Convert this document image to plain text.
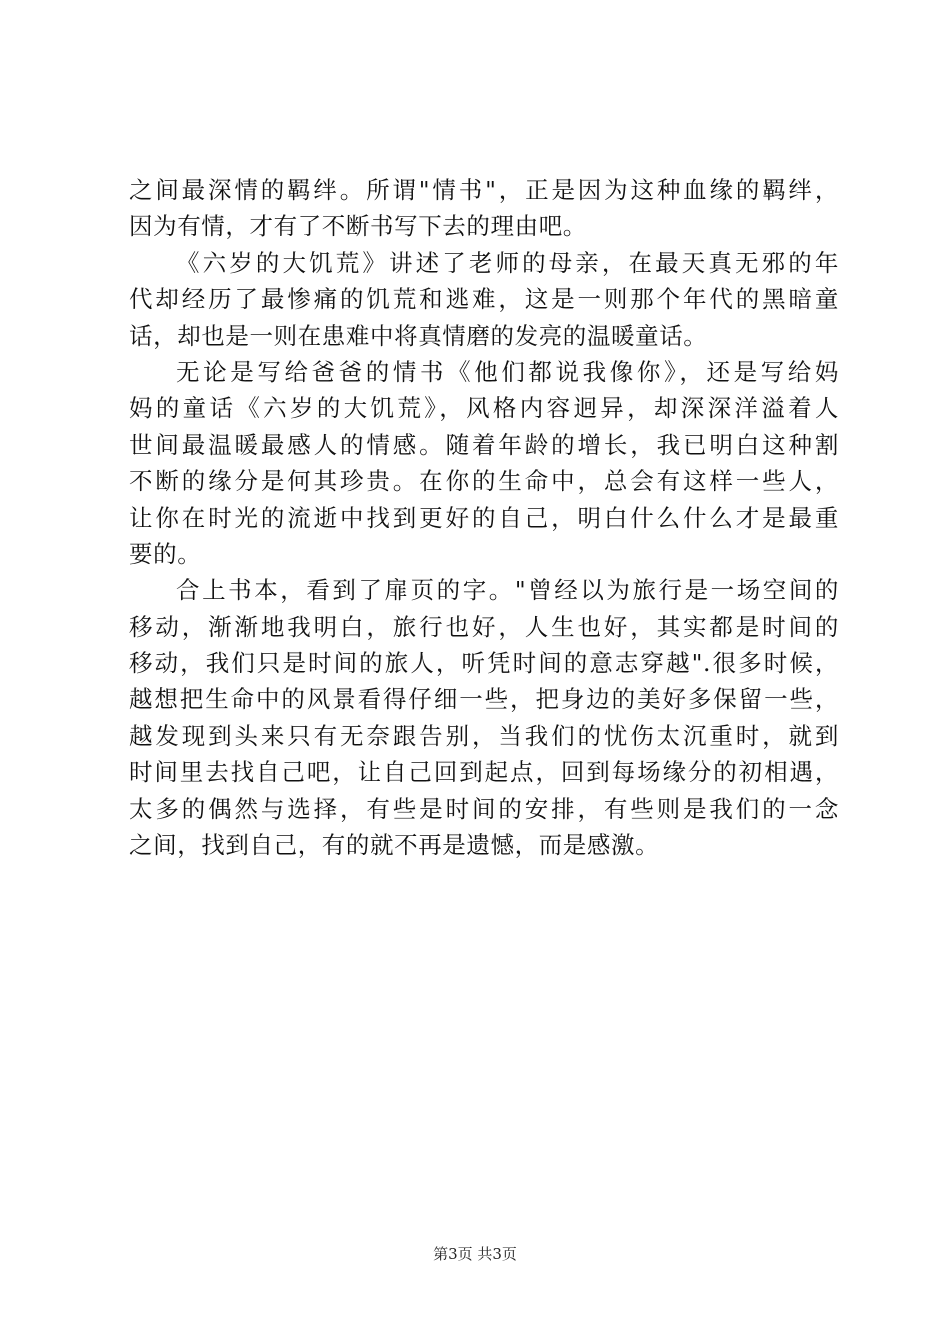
之间最深情的羁绊。所谓"情书"，正是因为这种血缘的羁绊，
因为有情，才有了不断书写下去的理由吧。
《六岁的大饥荒》讲述了老师的母亲，在最天真无邪的年
代却经历了最惨痛的饥荒和逃难，这是一则那个年代的黑暗童
话，却也是一则在患难中将真情磨的发亮的温暖童话。
无论是写给爸爸的情书《他们都说我像你》，还是写给妈
妈的童话《六岁的大饥荒》，风格内容迥异，却深深洋溢着人
世间最温暖最感人的情感。随着年龄的增长，我已明白这种割
不断的缘分是何其珍贵。在你的生命中，总会有这样一些人，
让你在时光的流逝中找到更好的自己，明白什么什么才是最重
要的。
合上书本，看到了扉页的字。"曾经以为旅行是一场空间的
移动，渐渐地我明白，旅行也好，人生也好，其实都是时间的
移动，我们只是时间的旅人，听凭时间的意志穿越".很多时候，
越想把生命中的风景看得仔细一些，把身边的美好多保留一些，
越发现到头来只有无奈跟告别，当我们的忧伤太沉重时，就到
时间里去找自己吧，让自己回到起点，回到每场缘分的初相遇，
太多的偶然与选择，有些是时间的安排，有些则是我们的一念
之间，找到自己，有的就不再是遗憾，而是感激。
第3页 共3页
